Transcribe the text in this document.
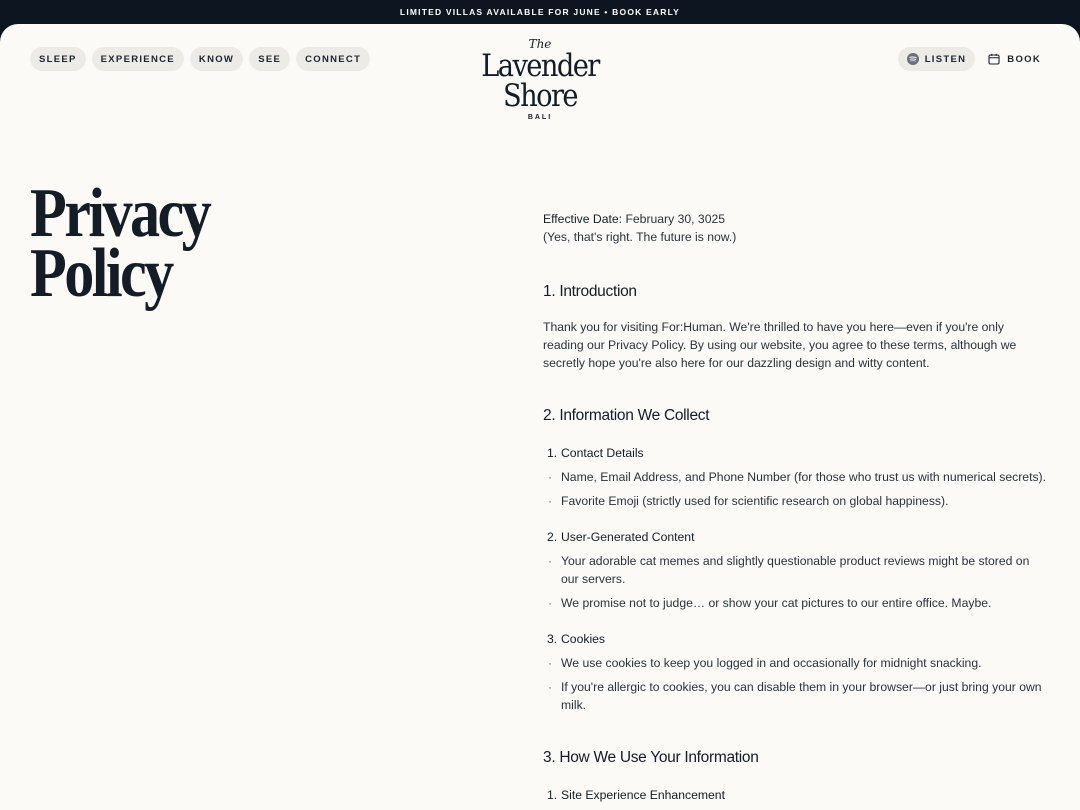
LIMITED VILLAS AVAILABLE FOR JUNE • BOOK EARLY
SLEEP	EXPERIENCE	KNOW	SEE	CONNECT
The
Lavender
Shore
BALI
LISTEN	BOOK
Privacy
Policy
Effective Date: February 30, 3025
(Yes, that's right. The future is now.)
1. Introduction
Thank you for visiting For:Human. We're thrilled to have you here—even if you're only reading our Privacy Policy. By using our website, you agree to these terms, although we secretly hope you're also here for our dazzling design and witty content.
2. Information We Collect
1. Contact Details
· Name, Email Address, and Phone Number (for those who trust us with numerical secrets).
· Favorite Emoji (strictly used for scientific research on global happiness).
2. User-Generated Content
· Your adorable cat memes and slightly questionable product reviews might be stored on our servers.
· We promise not to judge… or show your cat pictures to our entire office. Maybe.
3. Cookies
· We use cookies to keep you logged in and occasionally for midnight snacking.
· If you're allergic to cookies, you can disable them in your browser—or just bring your own milk.
3. How We Use Your Information
1. Site Experience Enhancement
